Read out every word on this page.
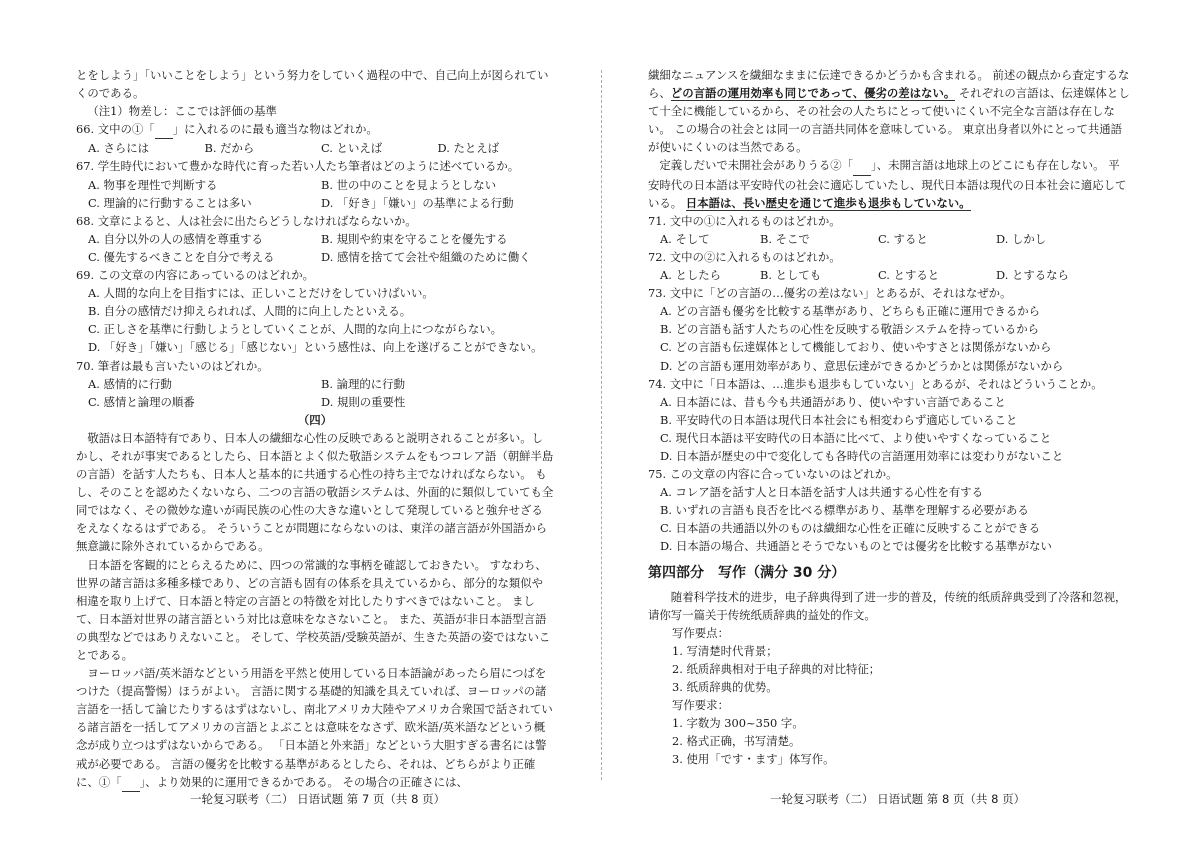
とをしよう」「いいことをしよう」という努力をしていく過程の中で、自己向上が図られていくのである。

（注1）物差し：ここでは評価の基準

66. 文中の①「 」に入れるのに最も適当な物はどれか。

A. さらには	B. だから	C. といえば	D. たとえば

67. 学生時代において豊かな時代に育った若い人たち筆者はどのように述べているか。

A. 物事を理性で判断する	B. 世の中のことを見ようとしない
C. 理論的に行動することは多い	D. 「好き」「嫌い」の基準による行動

68. 文章によると、人は社会に出たらどうしなければならないか。

A. 自分以外の人の感情を尊重する	B. 規則や約束を守ることを優先する
C. 優先するべきことを自分で考える	D. 感情を捨てて会社や組織のために働く

69. この文章の内容にあっているのはどれか。

A. 人間的な向上を目指すには、正しいことだけをしていけばいい。

B. 自分の感情だけ抑えられれば、人間的に向上したといえる。

C. 正しさを基準に行動しようとしていくことが、人間的な向上につながらない。

D. 「好き」「嫌い」「感じる」「感じない」という感性は、向上を遂げることができない。

70. 筆者は最も言いたいのはどれか。

A. 感情的に行動	B. 論理的に行動
C. 感情と論理の順番	D. 規則の重要性

（四）

敬語は日本語特有であり、日本人の繊細な心性の反映であると説明されることが多い。しかし、それが事実であるとしたら、日本語とよく似た敬語システムをもつコレア語（朝鮮半島の言語）を話す人たちも、日本人と基本的に共通する心性の持ち主でなければならない。 もし、そのことを認めたくないなら、二つの言語の敬語システムは、外面的に類似していても全同ではなく、その微妙な違いが両民族の心性の大きな違いとして発現していると強弁せざるをえなくなるはずである。 そういうことが問題にならないのは、東洋の諸言語が外国語から無意識に除外されているからである。

日本語を客観的にとらえるために、四つの常識的な事柄を確認しておきたい。 すなわち、世界の諸言語は多種多様であり、どの言語も固有の体系を具えているから、部分的な類似や相違を取り上げて、日本語と特定の言語との特徴を対比したりすべきではないこと。 まして、日本語対世界の諸言語という対比は意味をなさないこと。 また、英語が非日本語型言語の典型などではありえないこと。 そして、学校英語/受験英語が、生きた英語の姿ではないことである。

ヨーロッパ語/英米語などという用語を平然と使用している日本語論があったら眉につばをつけた（提高警惕）ほうがよい。 言語に関する基礎的知識を具えていれば、ヨーロッパの諸言語を一括して論じたりするはずはないし、南北アメリカ大陸やアメリカ合衆国で話されている諸言語を一括してアメリカの言語とよぶことは意味をなさず、欧米語/英米語などという概念が成り立つはずはないからである。 「日本語と外来語」などという大胆すぎる書名には警戒が必要である。 言語の優劣を比較する基準があるとしたら、それは、どちらがより正確に、①「 」、より効果的に運用できるかである。 その場合の正確さには、

繊細なニュアンスを繊細なままに伝達できるかどうかも含まれる。 前述の観点から査定するなら、どの言語の運用効率も同じであって、優劣の差はない。 それぞれの言語は、伝達媒体として十全に機能しているから、その社会の人たちにとって使いにくい不完全な言語は存在しない。 この場合の社会とは同一の言語共同体を意味している。 東京出身者以外にとって共通語が使いにくいのは当然である。

定義しだいで未開社会がありうる②「 」、未開言語は地球上のどこにも存在しない。 平安時代の日本語は平安時代の社会に適応していたし、現代日本語は現代の日本社会に適応している。 日本語は、長い歴史を通じて進歩も退歩もしていない。

71. 文中の①に入れるものはどれか。

A. そして	B. そこで	C. すると	D. しかし

72. 文中の②に入れるものはどれか。

A. としたら	B. としても	C. とすると	D. とするなら

73. 文中に「どの言語の…優劣の差はない」とあるが、それはなぜか。

A. どの言語も優劣を比較する基準があり、どちらも正確に運用できるから

B. どの言語も話す人たちの心性を反映する敬語システムを持っているから

C. どの言語も伝達媒体として機能しており、使いやすさとは関係がないから

D. どの言語も運用効率があり、意思伝達ができるかどうかとは関係がないから

74. 文中に「日本語は、…進歩も退歩もしていない」とあるが、それはどういうことか。

A. 日本語には、昔も今も共通語があり、使いやすい言語であること

B. 平安時代の日本語は現代日本社会にも相変わらず適応していること

C. 現代日本語は平安時代の日本語に比べて、より使いやすくなっていること

D. 日本語が歴史の中で変化しても各時代の言語運用効率には変わりがないこと

75. この文章の内容に合っていないのはどれか。

A. コレア語を話す人と日本語を話す人は共通する心性を有する

B. いずれの言語も良否を比べる標準があり、基準を理解する必要がある

C. 日本語の共通語以外のものは繊細な心性を正確に反映することができる

D. 日本語の場合、共通語とそうでないものとでは優劣を比較する基準がない

第四部分　写作（满分 30 分）

随着科学技术的进步，电子辞典得到了进一步的普及，传统的纸质辞典受到了冷落和忽视，请你写一篇关于传统纸质辞典的益处的作文。

写作要点：

1. 写清楚时代背景；

2. 纸质辞典相对于电子辞典的对比特征；

3. 纸质辞典的优势。

写作要求：

1. 字数为 300~350 字。

2. 格式正确，书写清楚。

3. 使用「です・ます」体写作。

一轮复习联考（二） 日语试题 第 7 页（共 8 页）	一轮复习联考（二） 日语试题 第 8 页（共 8 页）
